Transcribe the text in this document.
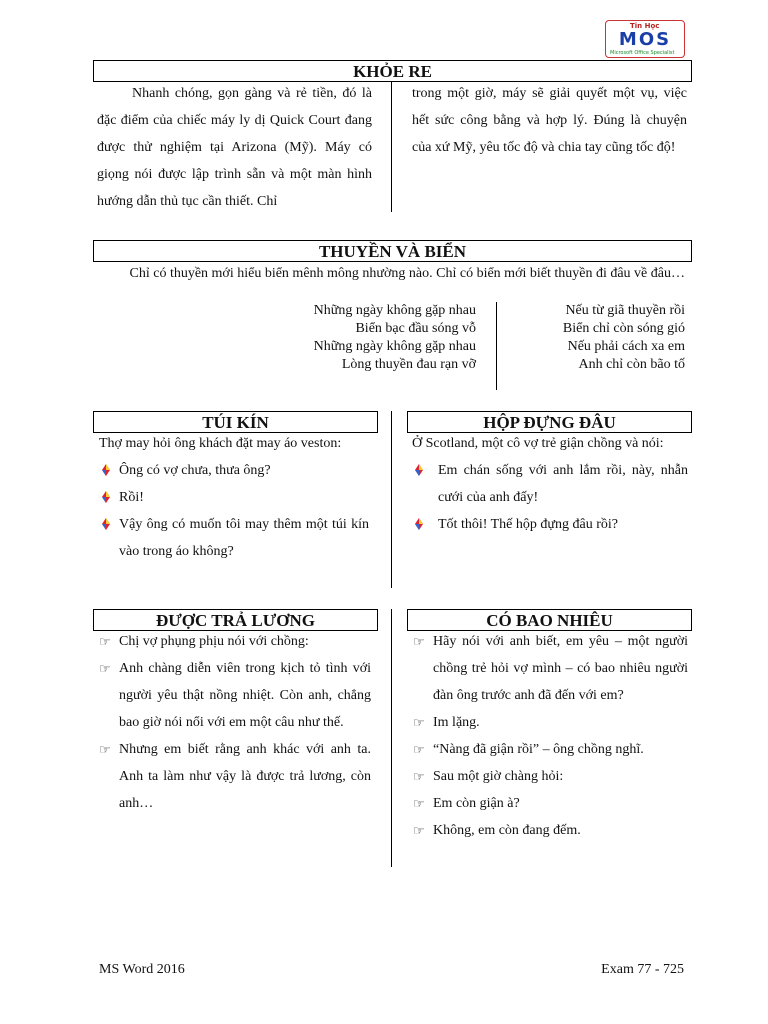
Tin Học
MOS
Microsoft Office Specialist
KHỎE RE
Nhanh chóng, gọn gàng và rẻ tiền, đó là đặc điểm của chiếc máy ly dị Quick Court đang được thử nghiệm tại Arizona (Mỹ). Máy có giọng nói được lập trình sẵn và một màn hình hướng dẫn thủ tục cần thiết. Chỉ
trong một giờ, máy sẽ giải quyết một vụ, việc hết sức công bằng và hợp lý. Đúng là chuyện của xứ Mỹ, yêu tốc độ và chia tay cũng tốc độ!
THUYỀN VÀ BIỂN
Chỉ có thuyền mới hiểu biển mênh mông nhường nào. Chỉ có biển mới biết thuyền đi đâu về đâu…
Những ngày không gặp nhau
Biển bạc đầu sóng vỗ
Những ngày không gặp nhau
Lòng thuyền đau rạn vỡ
Nếu từ giã thuyền rồi
Biển chỉ còn sóng gió
Nếu phải cách xa em
Anh chỉ còn bão tố
TÚI KÍN
Thợ may hỏi ông khách đặt may áo veston:
Ông có vợ chưa, thưa ông?
Rồi!
Vậy ông có muốn tôi may thêm một túi kín vào trong áo không?
HỘP ĐỰNG ĐÂU
Ở Scotland, một cô vợ trẻ giận chồng và nói:
Em chán sống với anh lắm rồi, này, nhẫn cưới của anh đấy!
Tốt thôi! Thế hộp đựng đâu rồi?
ĐƯỢC TRẢ LƯƠNG
☞ Chị vợ phụng phịu nói với chồng:
☞ Anh chàng diễn viên trong kịch tỏ tình với người yêu thật nồng nhiệt. Còn anh, chẳng bao giờ nói nổi với em một câu như thế.
☞ Nhưng em biết rằng anh khác với anh ta. Anh ta làm như vậy là được trả lương, còn anh…
CÓ BAO NHIÊU
☞ Hãy nói với anh biết, em yêu – một người chồng trẻ hỏi vợ mình – có bao nhiêu người đàn ông trước anh đã đến với em?
☞ Im lặng.
☞ “Nàng đã giận rồi” – ông chồng nghĩ.
☞ Sau một giờ chàng hỏi:
☞ Em còn giận à?
☞ Không, em còn đang đếm.
MS Word 2016	Exam 77 - 725
